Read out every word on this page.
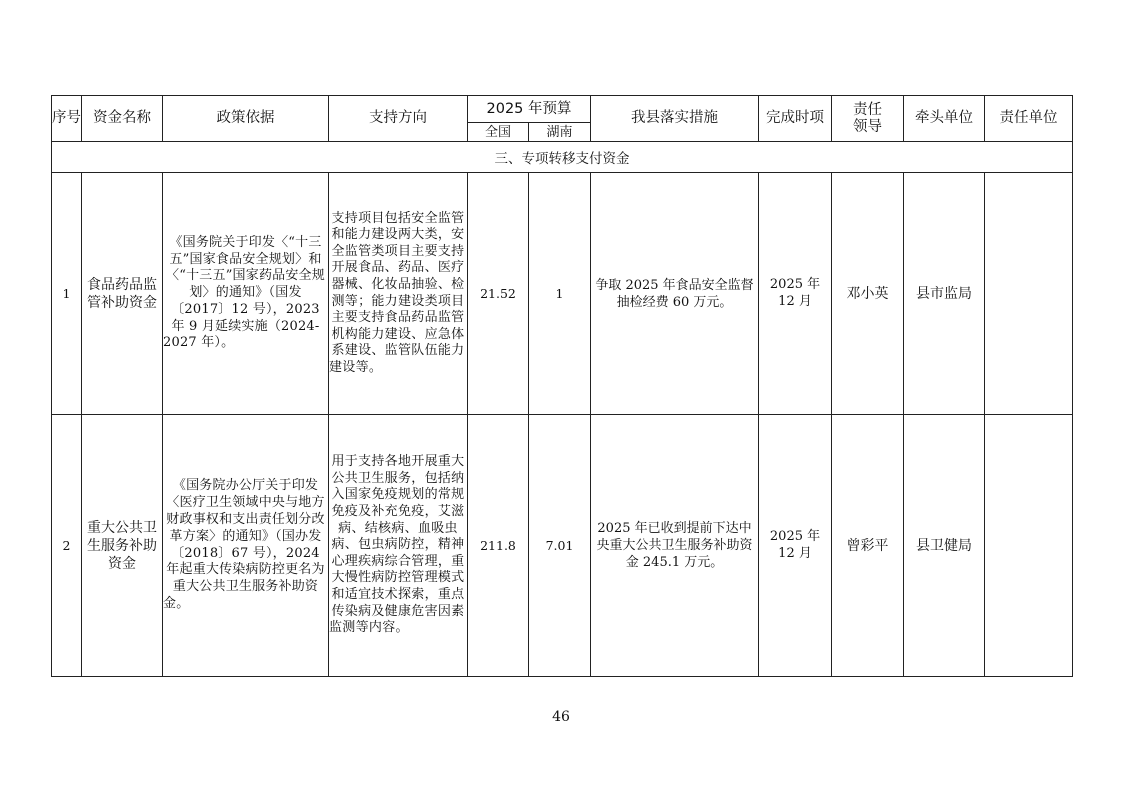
序号	资金名称	政策依据	支持方向	2025 年预算		我县落实措施	完成时项	责任领导	牵头单位	责任单位
				全国	湖南					
三、专项转移支付资金										
1	食品药品监管补助资金	《国务院关于印发〈“十三五”国家食品安全规划〉和〈“十三五”国家药品安全规划〉的通知》（国发〔2017〕12 号），2023 年 9 月延续实施（2024-2027 年）。	支持项目包括安全监管和能力建设两大类，安全监管类项目主要支持开展食品、药品、医疗器械、化妆品抽验、检测等；能力建设类项目主要支持食品药品监管机构能力建设、应急体系建设、监管队伍能力建设等。	21.52	1	争取 2025 年食品安全监督抽检经费 60 万元。	2025 年 12 月	邓小英	县市监局	
2	重大公共卫生服务补助资金	《国务院办公厅关于印发〈医疗卫生领域中央与地方财政事权和支出责任划分改革方案〉的通知》（国办发〔2018〕67 号），2024 年起重大传染病防控更名为重大公共卫生服务补助资金。	用于支持各地开展重大公共卫生服务，包括纳入国家免疫规划的常规免疫及补充免疫，艾滋病、结核病、血吸虫病、包虫病防控，精神心理疾病综合管理，重大慢性病防控管理模式和适宜技术探索，重点传染病及健康危害因素监测等内容。	211.8	7.01	2025 年已收到提前下达中央重大公共卫生服务补助资金 245.1 万元。	2025 年 12 月	曾彩平	县卫健局	
46
